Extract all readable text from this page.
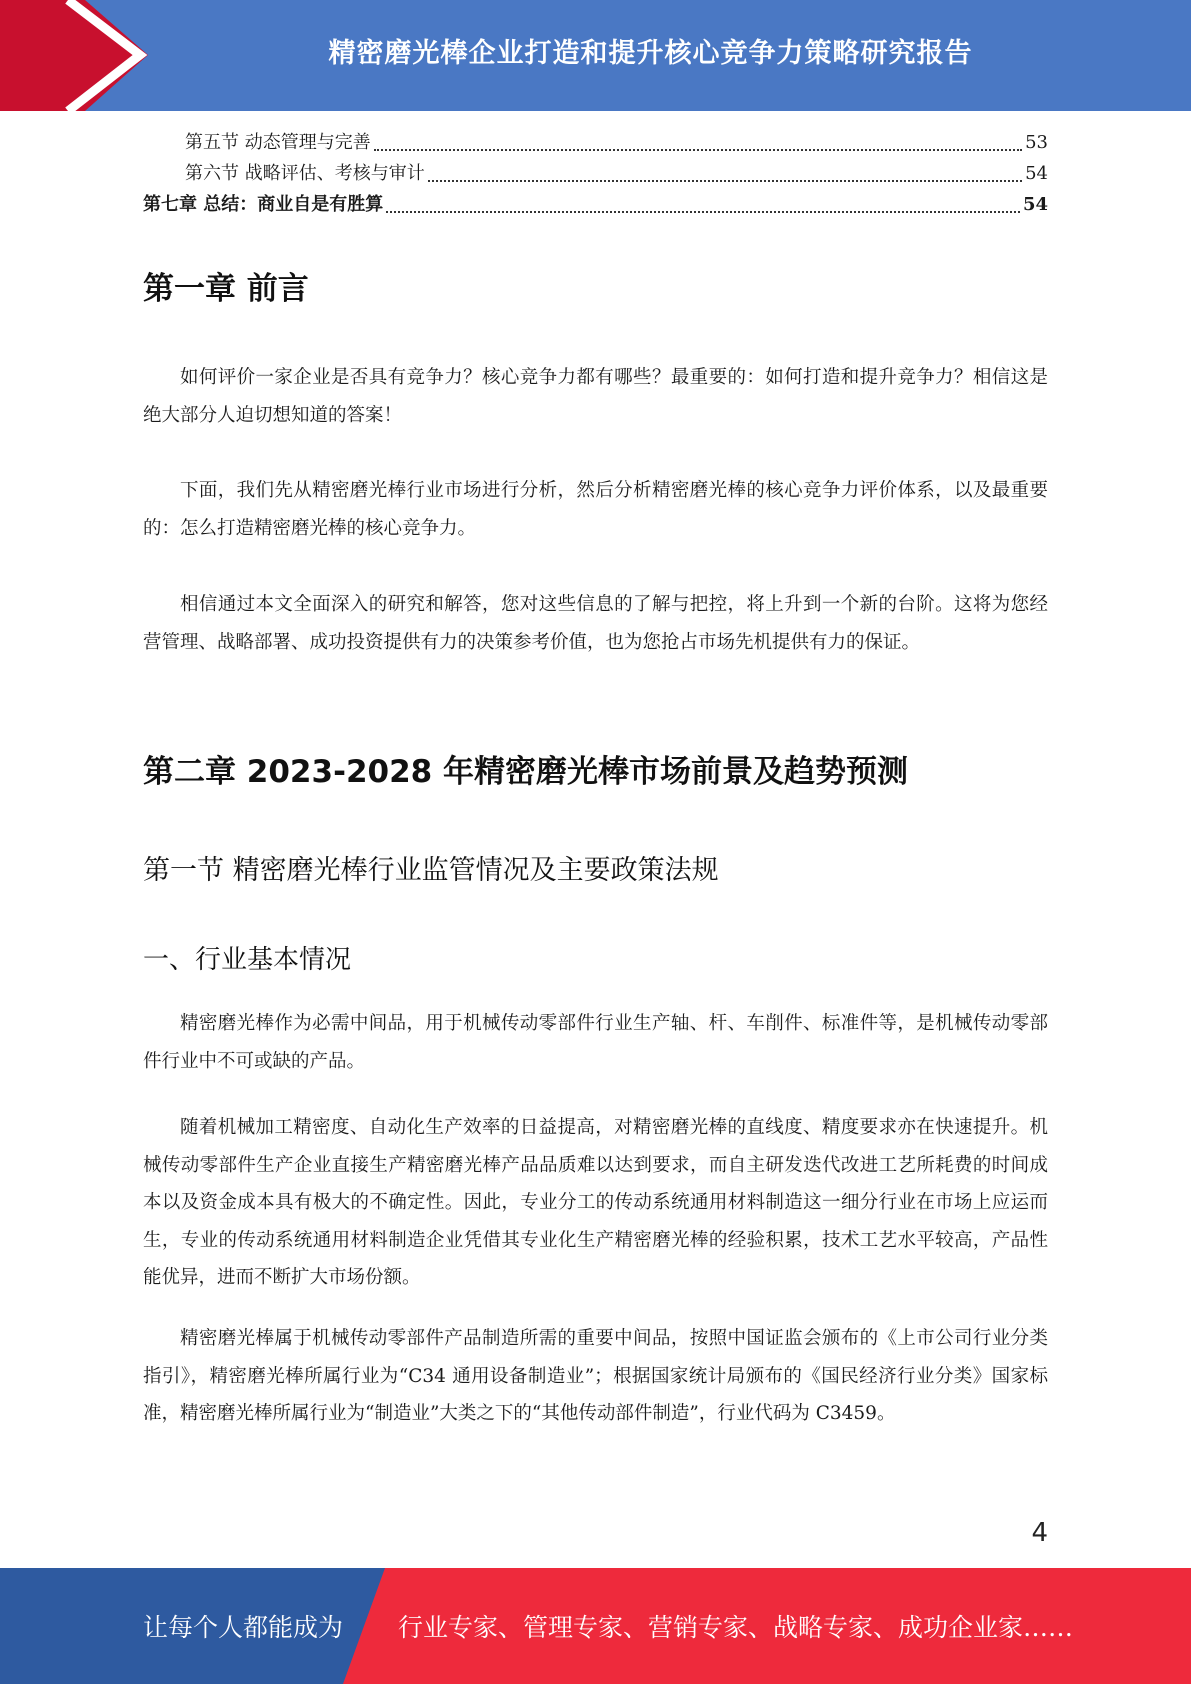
精密磨光棒企业打造和提升核心竞争力策略研究报告
第五节 动态管理与完善	53
第六节 战略评估、考核与审计	54
第七章 总结：商业自是有胜算	54
第一章 前言

如何评价一家企业是否具有竞争力？核心竞争力都有哪些？最重要的：如何打造和提升竞争力？相信这是绝大部分人迫切想知道的答案！

下面，我们先从精密磨光棒行业市场进行分析，然后分析精密磨光棒的核心竞争力评价体系，以及最重要的：怎么打造精密磨光棒的核心竞争力。

相信通过本文全面深入的研究和解答，您对这些信息的了解与把控，将上升到一个新的台阶。这将为您经营管理、战略部署、成功投资提供有力的决策参考价值，也为您抢占市场先机提供有力的保证。

第二章 2023-2028 年精密磨光棒市场前景及趋势预测
第一节 精密磨光棒行业监管情况及主要政策法规
一、行业基本情况

精密磨光棒作为必需中间品，用于机械传动零部件行业生产轴、杆、车削件、标准件等，是机械传动零部件行业中不可或缺的产品。

随着机械加工精密度、自动化生产效率的日益提高，对精密磨光棒的直线度、精度要求亦在快速提升。机械传动零部件生产企业直接生产精密磨光棒产品品质难以达到要求，而自主研发迭代改进工艺所耗费的时间成本以及资金成本具有极大的不确定性。因此，专业分工的传动系统通用材料制造这一细分行业在市场上应运而生，专业的传动系统通用材料制造企业凭借其专业化生产精密磨光棒的经验积累，技术工艺水平较高，产品性能优异，进而不断扩大市场份额。

精密磨光棒属于机械传动零部件产品制造所需的重要中间品，按照中国证监会颁布的《上市公司行业分类指引》，精密磨光棒所属行业为“C34 通用设备制造业”；根据国家统计局颁布的《国民经济行业分类》国家标准，精密磨光棒所属行业为“制造业”大类之下的“其他传动部件制造”，行业代码为 C3459。

4
让每个人都能成为 行业专家、管理专家、营销专家、战略专家、成功企业家……
